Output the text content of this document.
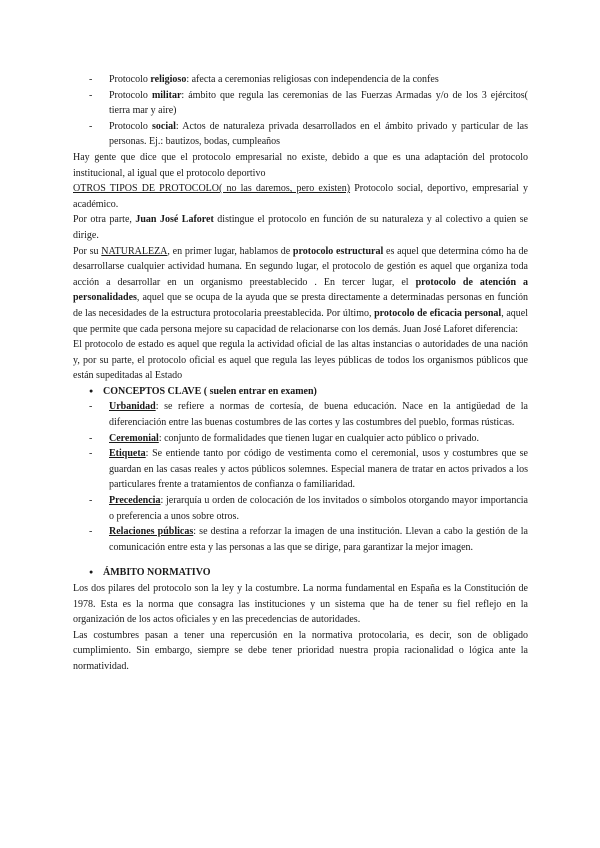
- Protocolo religioso: afecta a ceremonias religiosas con independencia de la confes
- Protocolo militar: ámbito que regula las ceremonias de las Fuerzas Armadas y/o de los 3 ejércitos( tierra mar y aire)
- Protocolo social: Actos de naturaleza privada desarrollados en el ámbito privado y particular de las personas. Ej.: bautizos, bodas, cumpleaños

Hay gente que dice que el protocolo empresarial no existe, debido a que es una adaptación del protocolo institucional, al igual que el protocolo deportivo

OTROS TIPOS DE PROTOCOLO( no las daremos, pero existen) Protocolo social, deportivo, empresarial y académico.

Por otra parte, Juan José Laforet distingue el protocolo en función de su naturaleza y al colectivo a quien se dirige.

Por su NATURALEZA, en primer lugar, hablamos de protocolo estructural es aquel que determina cómo ha de desarrollarse cualquier actividad humana. En segundo lugar, el protocolo de gestión es aquel que organiza toda acción a desarrollar en un organismo preestablecido . En tercer lugar, el protocolo de atención a personalidades, aquel que se ocupa de la ayuda que se presta directamente a determinadas personas en función de las necesidades de la estructura protocolaria preestablecida. Por último, protocolo de eficacia personal, aquel que permite que cada persona mejore su capacidad de relacionarse con los demás. Juan José Laforet diferencia:

El protocolo de estado es aquel que regula la actividad oficial de las altas instancias o autoridades de una nación y, por su parte, el protocolo oficial es aquel que regula las leyes públicas de todos los organismos públicos que están supeditadas al Estado

● CONCEPTOS CLAVE ( suelen entrar en examen)

- Urbanidad: se refiere a normas de cortesía, de buena educación. Nace en la antigüedad de la diferenciación entre las buenas costumbres de las cortes y las costumbres del pueblo, formas rústicas.
- Ceremonial: conjunto de formalidades que tienen lugar en cualquier acto público o privado.
- Etiqueta: Se entiende tanto por código de vestimenta como el ceremonial, usos y costumbres que se guardan en las casas reales y actos públicos solemnes. Especial manera de tratar en actos privados a los particulares frente a tratamientos de confianza o familiaridad.
- Precedencia: jerarquía u orden de colocación de los invitados o símbolos otorgando mayor importancia o preferencia a unos sobre otros.
- Relaciones públicas: se destina a reforzar la imagen de una institución. Llevan a cabo la gestión de la comunicación entre esta y las personas a las que se dirige, para garantizar la mejor imagen.

● ÁMBITO NORMATIVO

Los dos pilares del protocolo son la ley y la costumbre. La norma fundamental en España es la Constitución de 1978. Esta es la norma que consagra las instituciones y un sistema que ha de tener su fiel reflejo en la organización de los actos oficiales y en las precedencias de autoridades.

Las costumbres pasan a tener una repercusión en la normativa protocolaria, es decir, son de obligado cumplimiento. Sin embargo, siempre se debe tener prioridad nuestra propia racionalidad o lógica ante la normatividad.
